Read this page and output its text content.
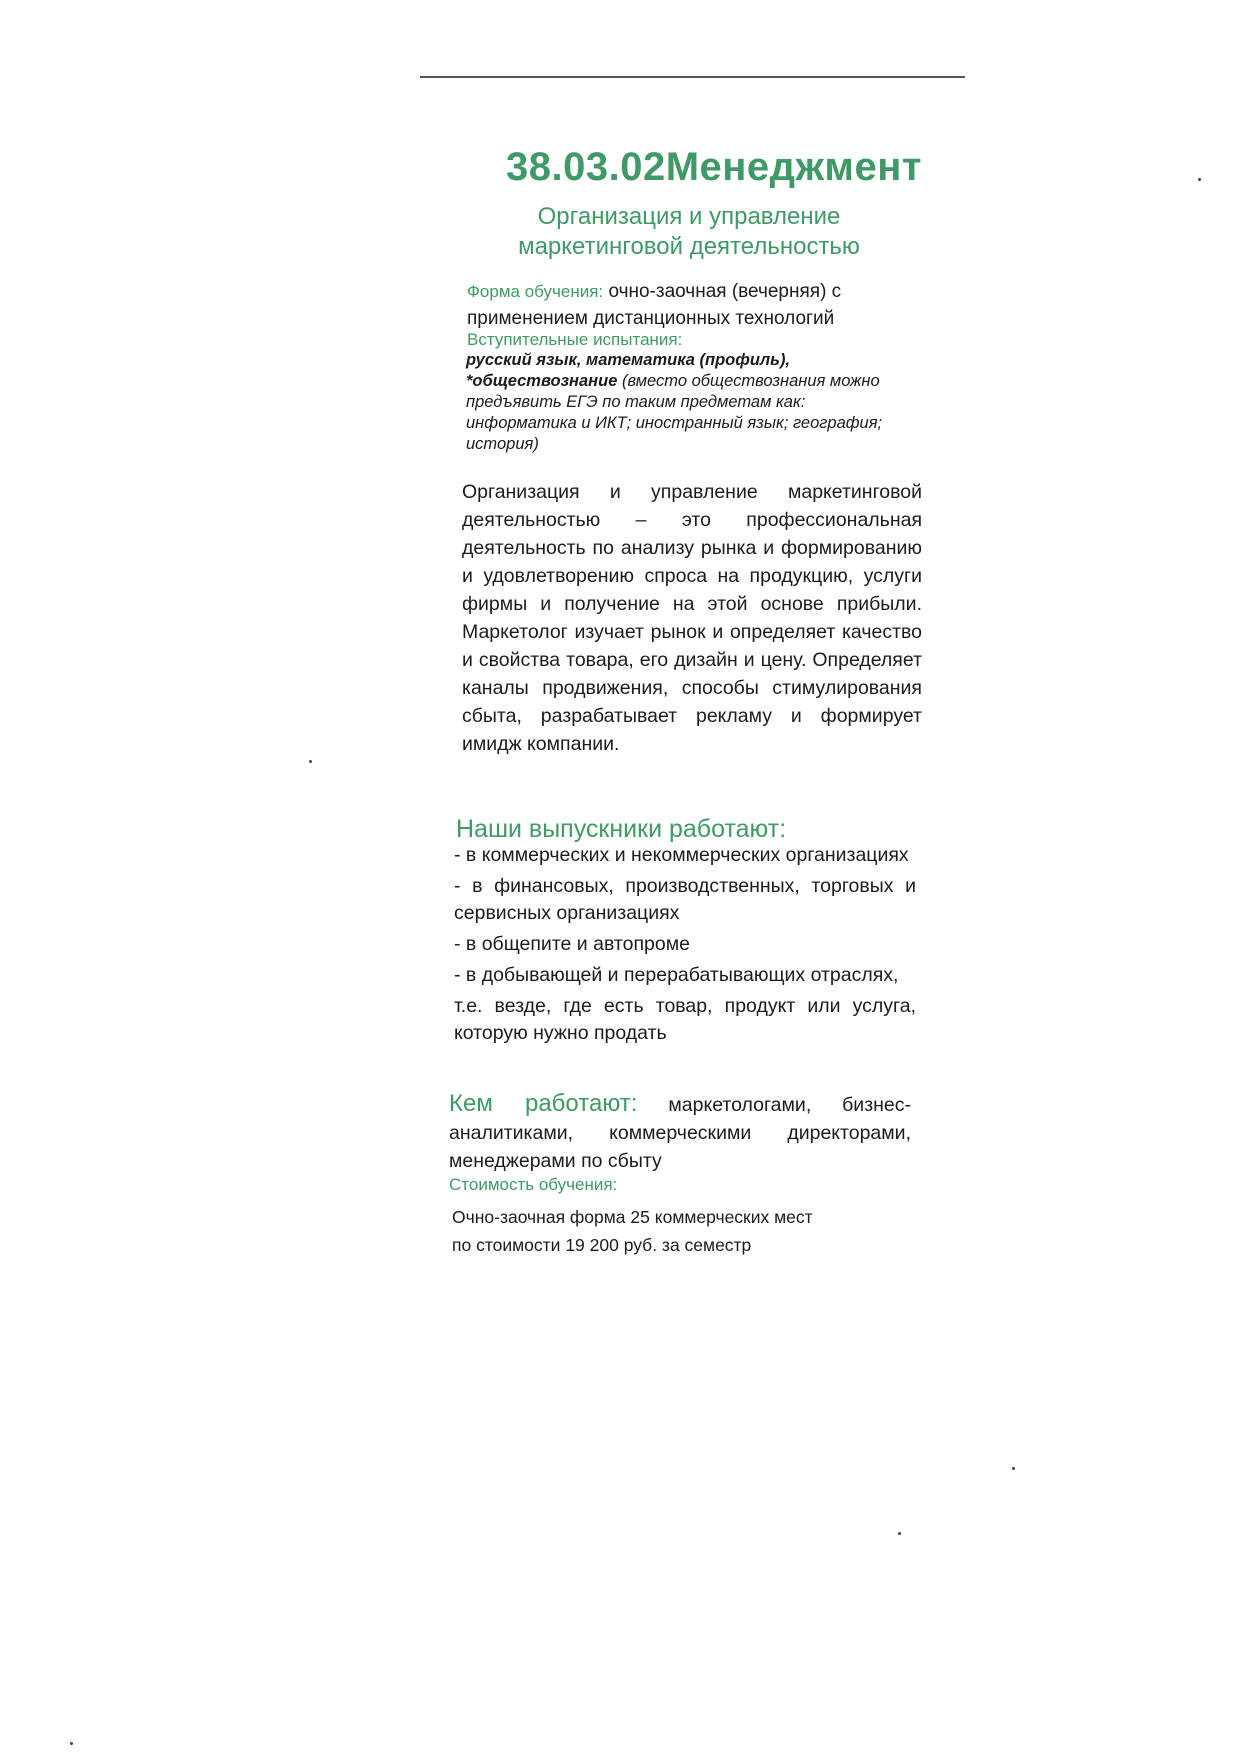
38.03.02Менеджмент
Организация и управление
маркетинговой деятельностью
Форма обучения: очно-заочная (вечерняя) с применением дистанционных технологий
Вступительные испытания:
русский язык, математика (профиль),
*обществознание (вместо обществознания можно предъявить ЕГЭ по таким предметам как: информатика и ИКТ; иностранный язык; география; история)

Организация и управление маркетинговой деятельностью – это профессиональная деятельность по анализу рынка и формированию и удовлетворению спроса на продукцию, услуги фирмы и получение на этой основе прибыли. Маркетолог изучает рынок и определяет качество и свойства товара, его дизайн и цену. Определяет каналы продвижения, способы стимулирования сбыта, разрабатывает рекламу и формирует имидж компании.

Наши выпускники работают:
- в коммерческих и некоммерческих организациях
- в финансовых, производственных, торговых и сервисных организациях
- в общепите и автопроме
- в добывающей и перерабатывающих отраслях,
т.е. везде, где есть товар, продукт или услуга, которую нужно продать
Кем работают: маркетологами, бизнес-аналитиками, коммерческими директорами, менеджерами по сбыту
Стоимость обучения:
Очно-заочная форма 25 коммерческих мест
по стоимости 19 200 руб. за семестр
